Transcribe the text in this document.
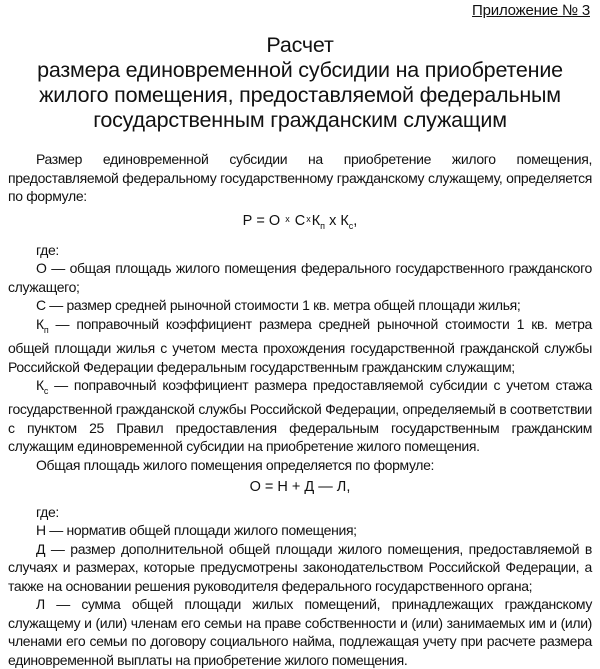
Приложение № 3
Расчет
размера единовременной субсидии на приобретение
жилого помещения, предоставляемой федеральным
государственным гражданским служащим

Размер единовременной субсидии на приобретение жилого помещения, предоставляемой федеральному государственному гражданскому служащему, определяется по формуле:

Р = О $^x$ $С^xК_п$ х $К_с$,

где:

О — общая площадь жилого помещения федерального государственного гражданского служащего;

С — размер средней рыночной стоимости 1 кв. метра общей площади жилья;

$К_п$ — поправочный коэффициент размера средней рыночной стоимости 1 кв. метра общей площади жилья с учетом места прохождения государственной гражданской службы Российской Федерации федеральным государственным гражданским служащим;

$К_с$ — поправочный коэффициент размера предоставляемой субсидии с учетом стажа государственной гражданской службы Российской Федерации, определяемый в соответствии с пунктом 25 Правил предоставления федеральным государственным гражданским служащим единовременной субсидии на приобретение жилого помещения.

Общая площадь жилого помещения определяется по формуле:

О = Н + Д — Л,

где:

Н — норматив общей площади жилого помещения;

Д — размер дополнительной общей площади жилого помещения, предоставляемой в случаях и размерах, которые предусмотрены законодательством Российской Федерации, а также на основании решения руководителя федерального государственного органа;

Л — сумма общей площади жилых помещений, принадлежащих гражданскому служащему и (или) членам его семьи на праве собственности и (или) занимаемых им и (или) членами его семьи по договору социального найма, подлежащая учету при расчете размера единовременной выплаты на приобретение жилого помещения.
